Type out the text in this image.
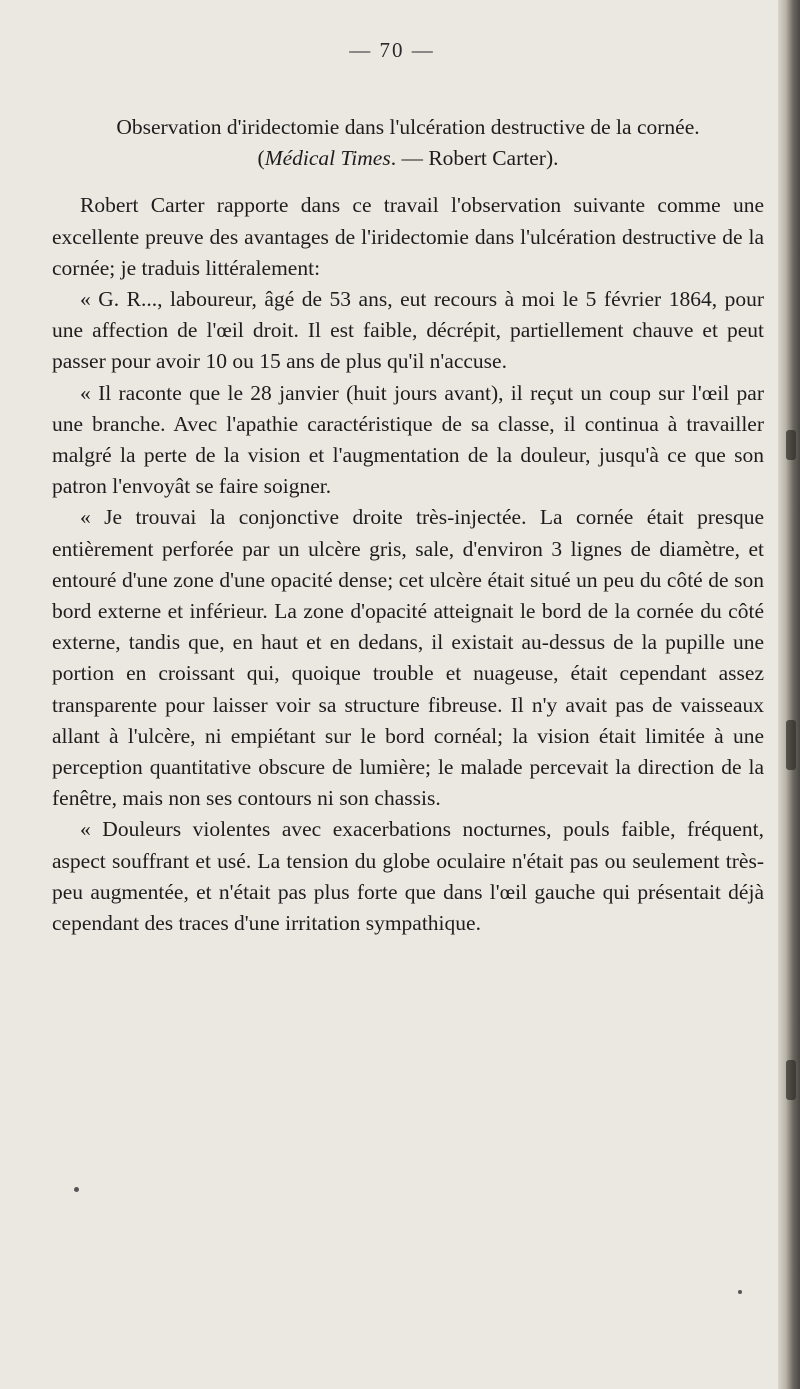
— 70 —

Observation d'iridectomie dans l'ulcération destructive de la cornée.
(Médical Times. — Robert Carter).

Robert Carter rapporte dans ce travail l'observation suivante comme une excellente preuve des avantages de l'iridectomie dans l'ulcération destructive de la cornée; je traduis littéralement:

« G. R..., laboureur, âgé de 53 ans, eut recours à moi le 5 février 1864, pour une affection de l'œil droit. Il est faible, décrépit, partiellement chauve et peut passer pour avoir 10 ou 15 ans de plus qu'il n'accuse.

« Il raconte que le 28 janvier (huit jours avant), il reçut un coup sur l'œil par une branche. Avec l'apathie caractéristique de sa classe, il continua à travailler malgré la perte de la vision et l'augmentation de la douleur, jusqu'à ce que son patron l'envoyât se faire soigner.

« Je trouvai la conjonctive droite très-injectée. La cornée était presque entièrement perforée par un ulcère gris, sale, d'environ 3 lignes de diamètre, et entouré d'une zone d'une opacité dense; cet ulcère était situé un peu du côté de son bord externe et inférieur. La zone d'opacité atteignait le bord de la cornée du côté externe, tandis que, en haut et en dedans, il existait au-dessus de la pupille une portion en croissant qui, quoique trouble et nuageuse, était cependant assez transparente pour laisser voir sa structure fibreuse. Il n'y avait pas de vaisseaux allant à l'ulcère, ni empiétant sur le bord cornéal; la vision était limitée à une perception quantitative obscure de lumière; le malade percevait la direction de la fenêtre, mais non ses contours ni son chassis.

« Douleurs violentes avec exacerbations nocturnes, pouls faible, fréquent, aspect souffrant et usé. La tension du globe oculaire n'était pas ou seulement très-peu augmentée, et n'était pas plus forte que dans l'œil gauche qui présentait déjà cependant des traces d'une irritation sympathique.
